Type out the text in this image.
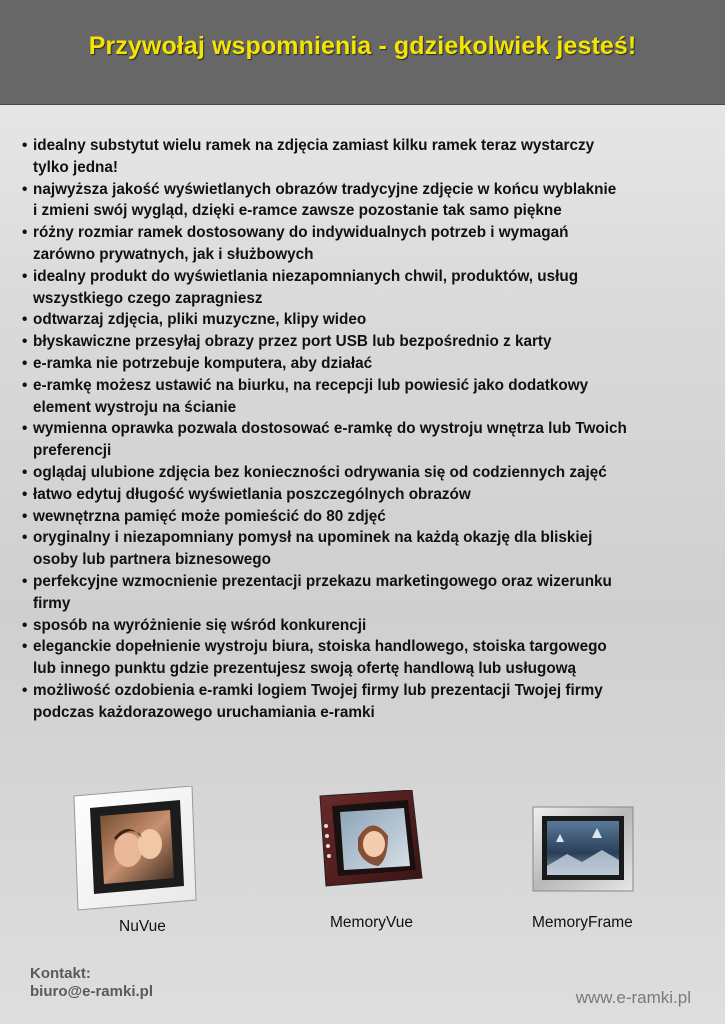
Przywołaj wspomnienia - gdziekolwiek jesteś!
• idealny substytut wielu ramek na zdjęcia zamiast kilku ramek teraz wystarczy
tylko jedna!
• najwyższa jakość wyświetlanych obrazów tradycyjne zdjęcie w końcu wyblaknie
i zmieni swój wygląd, dzięki e-ramce zawsze pozostanie tak samo piękne
• różny rozmiar ramek dostosowany do indywidualnych potrzeb i wymagań
zarówno prywatnych, jak i służbowych
• idealny produkt do wyświetlania niezapomnianych chwil, produktów, usług
wszystkiego czego zapragniesz
• odtwarzaj zdjęcia, pliki muzyczne, klipy wideo
• błyskawiczne przesyłaj obrazy przez port USB lub bezpośrednio z karty
• e-ramka nie potrzebuje komputera, aby działać
• e-ramkę możesz ustawić na biurku, na recepcji lub powiesić jako dodatkowy
element wystroju na ścianie
• wymienna oprawka pozwala dostosować e-ramkę do wystroju wnętrza lub Twoich
preferencji
• oglądaj ulubione zdjęcia bez konieczności odrywania się od codziennych zajęć
• łatwo edytuj długość wyświetlania poszczególnych obrazów
• wewnętrzna pamięć może pomieścić do 80 zdjęć
• oryginalny i niezapomniany pomysł na upominek na każdą okazję dla bliskiej
osoby lub partnera biznesowego
• perfekcyjne wzmocnienie prezentacji przekazu marketingowego oraz wizerunku
firmy
• sposób na wyróżnienie się wśród konkurencji
• eleganckie dopełnienie wystroju biura, stoiska handlowego, stoiska targowego
lub innego punktu gdzie prezentujesz swoją ofertę handlową lub usługową
• możliwość ozdobienia e-ramki logiem Twojej firmy lub prezentacji Twojej firmy
podczas każdorazowego uruchamiania e-ramki
NuVue	MemoryVue	MemoryFrame
Kontakt:
biuro@e-ramki.pl	www.e-ramki.pl
